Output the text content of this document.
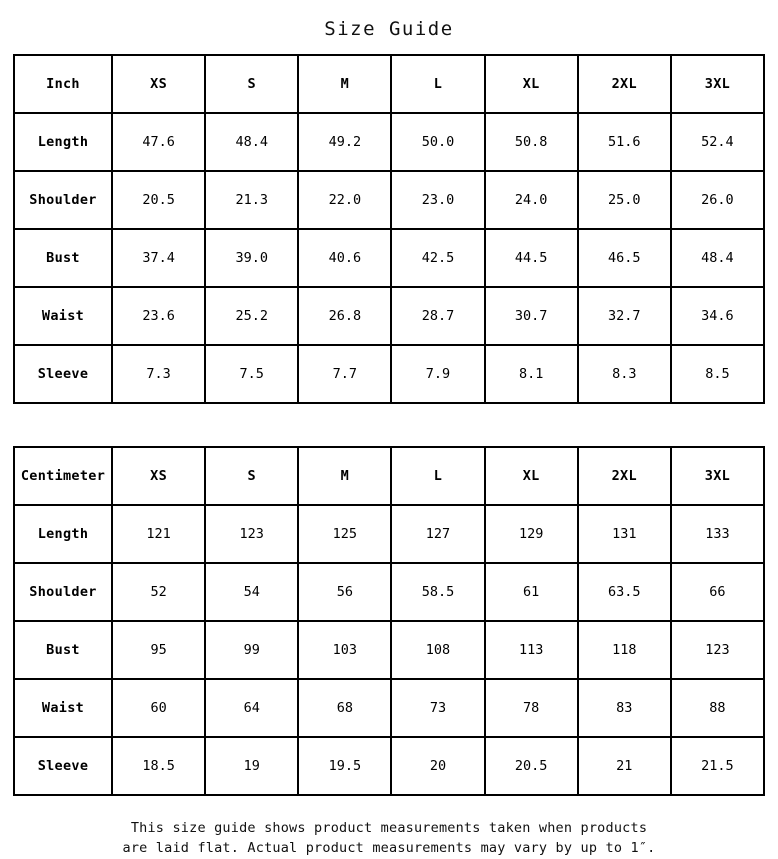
Size Guide
Inch	XS	S	M	L	XL	2XL	3XL
Length	47.6	48.4	49.2	50.0	50.8	51.6	52.4
Shoulder	20.5	21.3	22.0	23.0	24.0	25.0	26.0
Bust	37.4	39.0	40.6	42.5	44.5	46.5	48.4
Waist	23.6	25.2	26.8	28.7	30.7	32.7	34.6
Sleeve	7.3	7.5	7.7	7.9	8.1	8.3	8.5
Centimeter	XS	S	M	L	XL	2XL	3XL
Length	121	123	125	127	129	131	133
Shoulder	52	54	56	58.5	61	63.5	66
Bust	95	99	103	108	113	118	123
Waist	60	64	68	73	78	83	88
Sleeve	18.5	19	19.5	20	20.5	21	21.5
This size guide shows product measurements taken when products
are laid flat. Actual product measurements may vary by up to 1″.
